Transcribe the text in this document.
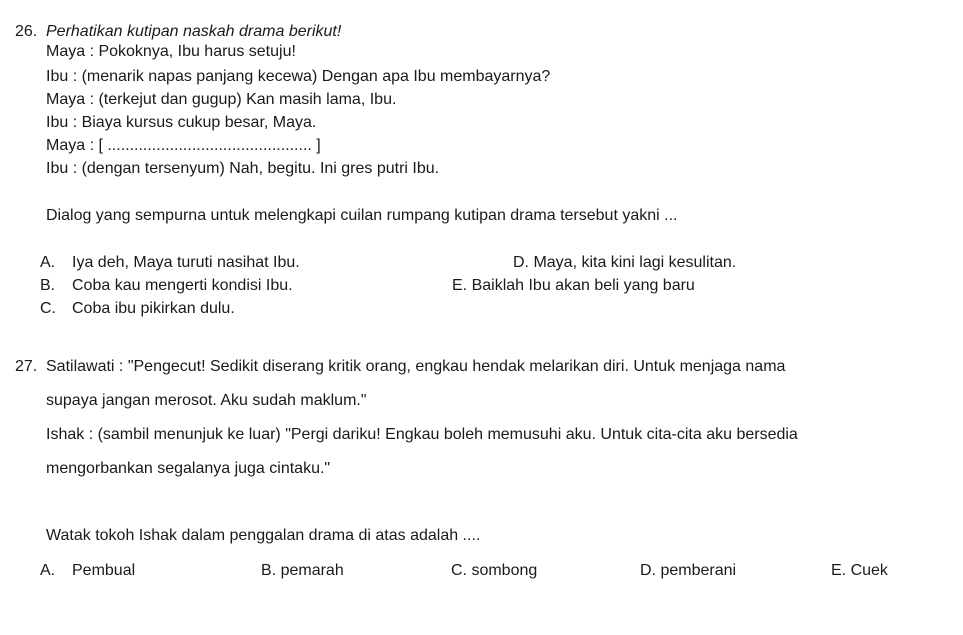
26. Perhatikan kutipan naskah drama berikut!
Maya : Pokoknya, Ibu harus setuju!
Ibu : (menarik napas panjang kecewa) Dengan apa Ibu membayarnya?
Maya : (terkejut dan gugup) Kan masih lama, Ibu.
Ibu : Biaya kursus cukup besar, Maya.
Maya : [ .............................................. ]
Ibu : (dengan tersenyum) Nah, begitu. Ini gres putri Ibu.
Dialog yang sempurna untuk melengkapi cuilan rumpang kutipan drama tersebut yakni ...
A. Iya deh, Maya turuti nasihat Ibu.
B. Coba kau mengerti kondisi Ibu.
C. Coba ibu pikirkan dulu.
D. Maya, kita kini lagi kesulitan.
E. Baiklah Ibu akan beli yang baru
27. Satilawati : "Pengecut! Sedikit diserang kritik orang, engkau hendak melarikan diri. Untuk menjaga nama
supaya jangan merosot. Aku sudah maklum."
Ishak : (sambil menunjuk ke luar) "Pergi dariku! Engkau boleh memusuhi aku. Untuk cita-cita aku bersedia
mengorbankan segalanya juga cintaku."
Watak tokoh Ishak dalam penggalan drama di atas adalah ....
A. Pembual	B. pemarah	C. sombong	D. pemberani	E. Cuek
